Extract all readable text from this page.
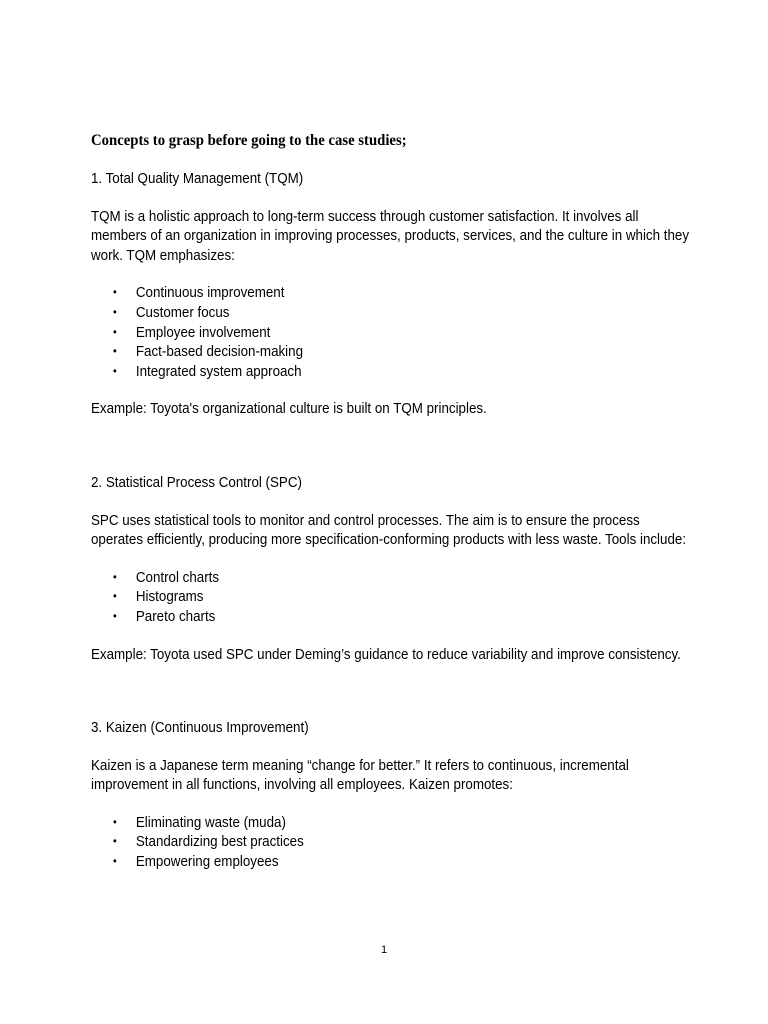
Concepts to grasp before going to the case studies;
1. Total Quality Management (TQM)
TQM is a holistic approach to long-term success through customer satisfaction. It involves all members of an organization in improving processes, products, services, and the culture in which they work. TQM emphasizes:
• Continuous improvement
• Customer focus
• Employee involvement
• Fact-based decision-making
• Integrated system approach
Example: Toyota's organizational culture is built on TQM principles.
2. Statistical Process Control (SPC)
SPC uses statistical tools to monitor and control processes. The aim is to ensure the process operates efficiently, producing more specification-conforming products with less waste. Tools include:
• Control charts
• Histograms
• Pareto charts
Example: Toyota used SPC under Deming’s guidance to reduce variability and improve consistency.
3. Kaizen (Continuous Improvement)
Kaizen is a Japanese term meaning “change for better.” It refers to continuous, incremental improvement in all functions, involving all employees. Kaizen promotes:
• Eliminating waste (muda)
• Standardizing best practices
• Empowering employees
1
